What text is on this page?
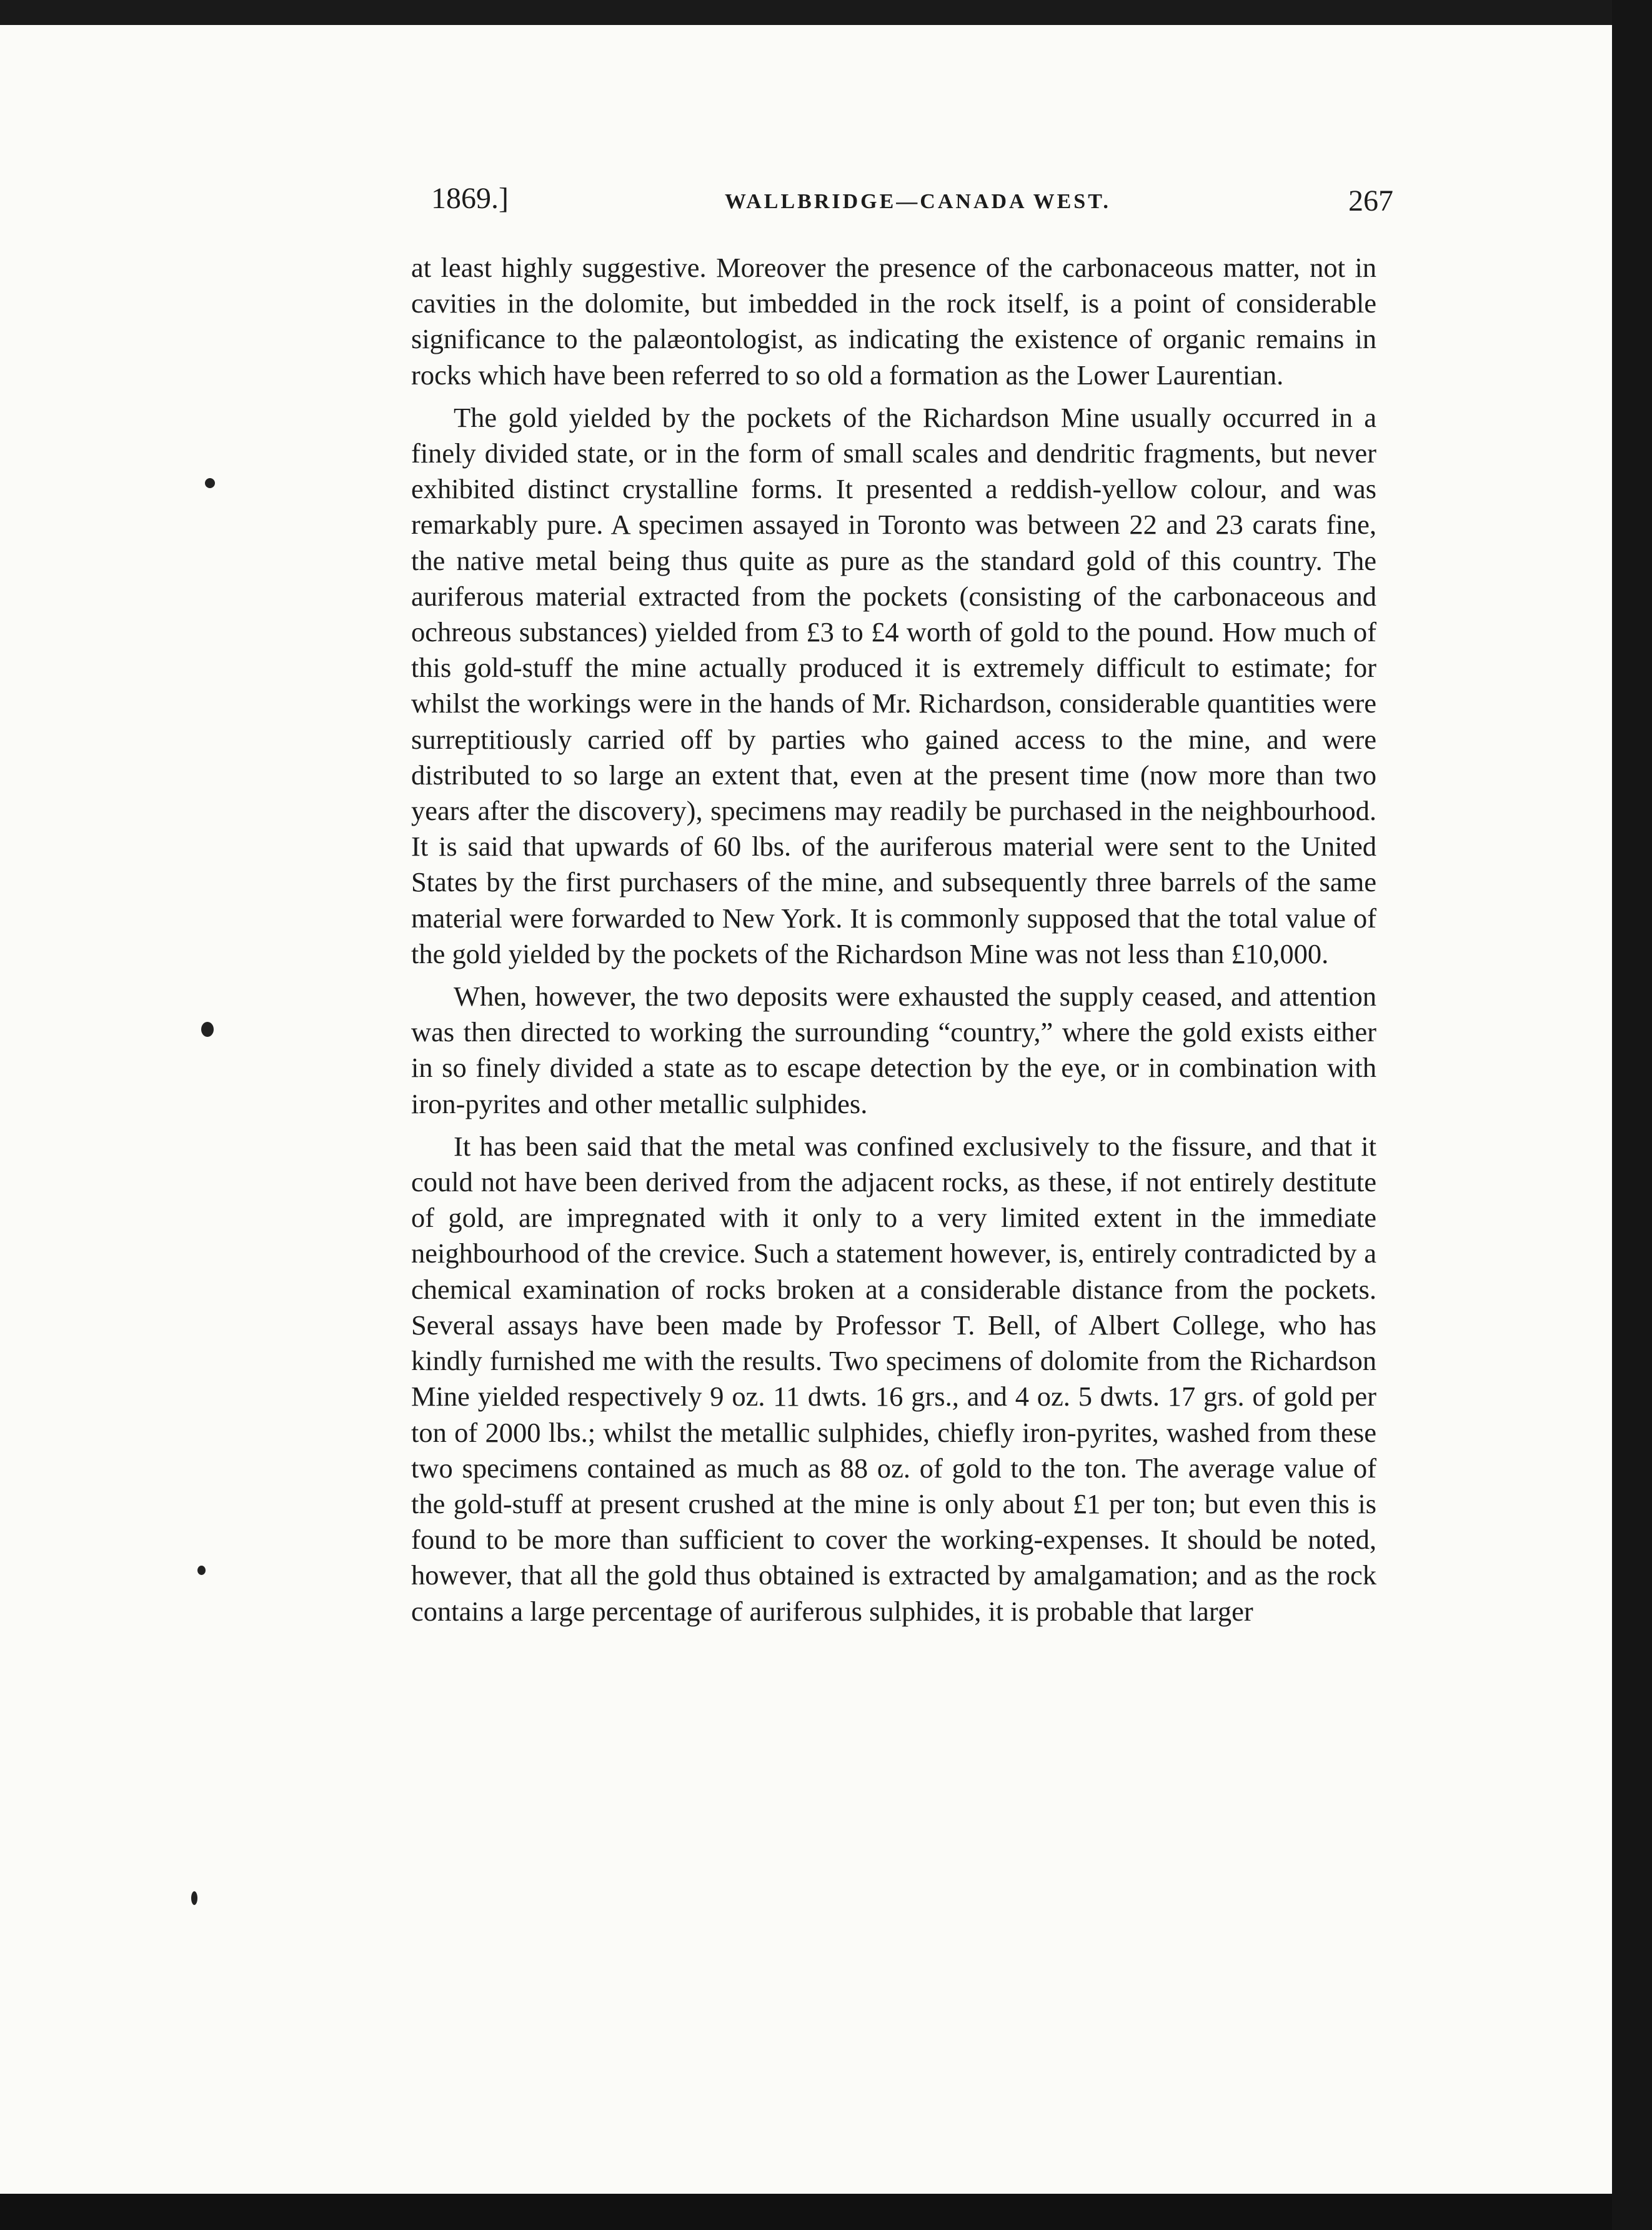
1869.]	WALLBRIDGE—CANADA WEST.	267

at least highly suggestive. Moreover the presence of the carbonaceous matter, not in cavities in the dolomite, but imbedded in the rock itself, is a point of considerable significance to the palæontologist, as indicating the existence of organic remains in rocks which have been referred to so old a formation as the Lower Laurentian.

The gold yielded by the pockets of the Richardson Mine usually occurred in a finely divided state, or in the form of small scales and dendritic fragments, but never exhibited distinct crystalline forms. It presented a reddish-yellow colour, and was remarkably pure. A specimen assayed in Toronto was between 22 and 23 carats fine, the native metal being thus quite as pure as the standard gold of this country. The auriferous material extracted from the pockets (consisting of the carbonaceous and ochreous substances) yielded from £3 to £4 worth of gold to the pound. How much of this gold-stuff the mine actually produced it is extremely difficult to estimate; for whilst the workings were in the hands of Mr. Richardson, considerable quantities were surreptitiously carried off by parties who gained access to the mine, and were distributed to so large an extent that, even at the present time (now more than two years after the discovery), specimens may readily be purchased in the neighbourhood. It is said that upwards of 60 lbs. of the auriferous material were sent to the United States by the first purchasers of the mine, and subsequently three barrels of the same material were forwarded to New York. It is commonly supposed that the total value of the gold yielded by the pockets of the Richardson Mine was not less than £10,000.

When, however, the two deposits were exhausted the supply ceased, and attention was then directed to working the surrounding “country,” where the gold exists either in so finely divided a state as to escape detection by the eye, or in combination with iron-pyrites and other metallic sulphides.

It has been said that the metal was confined exclusively to the fissure, and that it could not have been derived from the adjacent rocks, as these, if not entirely destitute of gold, are impregnated with it only to a very limited extent in the immediate neighbourhood of the crevice. Such a statement however, is, entirely contradicted by a chemical examination of rocks broken at a considerable distance from the pockets. Several assays have been made by Professor T. Bell, of Albert College, who has kindly furnished me with the results. Two specimens of dolomite from the Richardson Mine yielded respectively 9 oz. 11 dwts. 16 grs., and 4 oz. 5 dwts. 17 grs. of gold per ton of 2000 lbs.; whilst the metallic sulphides, chiefly iron-pyrites, washed from these two specimens contained as much as 88 oz. of gold to the ton. The average value of the gold-stuff at present crushed at the mine is only about £1 per ton; but even this is found to be more than sufficient to cover the working-expenses. It should be noted, however, that all the gold thus obtained is extracted by amalgamation; and as the rock contains a large percentage of auriferous sulphides, it is probable that larger
